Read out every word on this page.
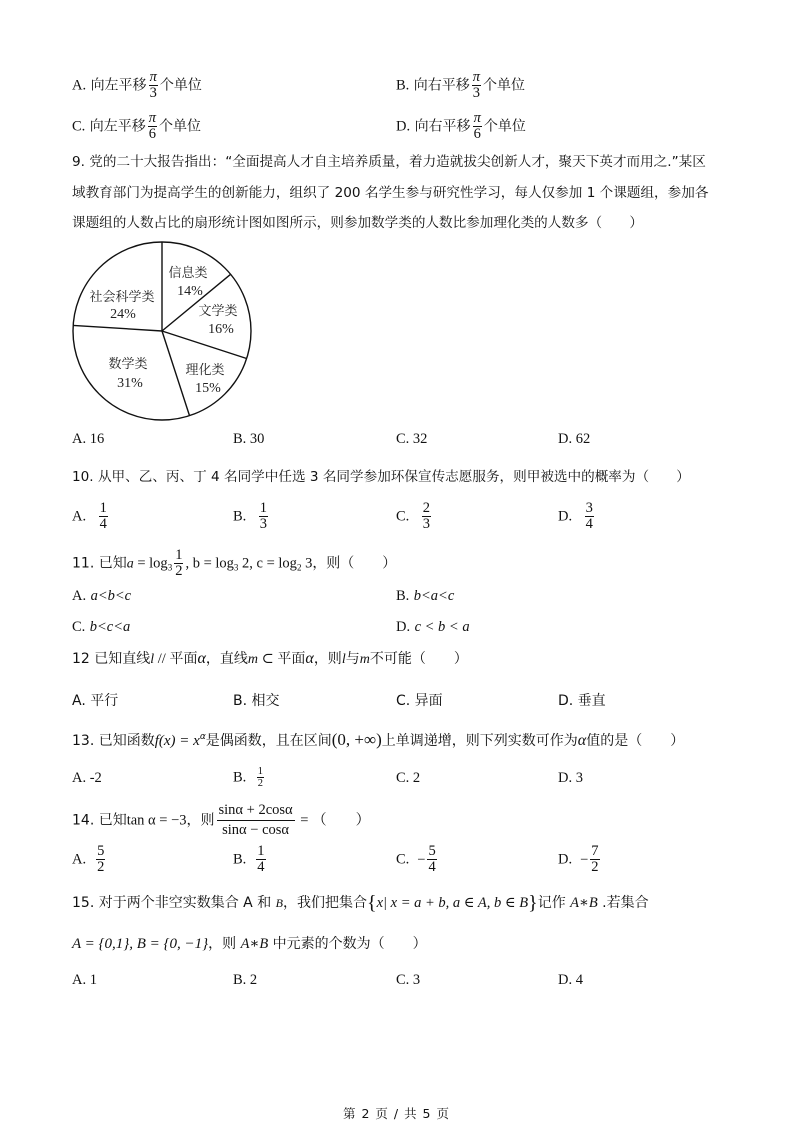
A. 向左平移 $\frac{\pi}{3}$ 个单位	B. 向右平移 $\frac{\pi}{3}$ 个单位
C. 向左平移 $\frac{\pi}{6}$ 个单位	D. 向右平移 $\frac{\pi}{6}$ 个单位
9. 党的二十大报告指出：“全面提高人才自主培养质量，着力造就拔尖创新人才，聚天下英才而用之.”某区
域教育部门为提高学生的创新能力，组织了 200 名学生参与研究性学习，每人仅参加 1 个课题组，参加各
课题组的人数占比的扇形统计图如图所示，则参加数学类的人数比参加理化类的人数多（　　）
信息类
14%
文学类
16%
理化类
15%
数学类
31%
社会科学类
24%
A. 16	B. 30	C. 32	D. 62
10. 从甲、乙、丙、丁 4 名同学中任选 3 名同学参加环保宣传志愿服务，则甲被选中的概率为（　　）
A. $\frac{1}{4}$	B. $\frac{1}{3}$	C. $\frac{2}{3}$	D. $\frac{3}{4}$
11. 已知$a = \log_3 \frac{1}{2}$ , $b = \log_3 2$, $c = \log_2 3$，则（　　）
A. a<b<c	B. b<a<c
C. b<c<a	D. c < b < a
12 已知直线l // 平面α，直线m ⊂ 平面α，则l与m不可能（　　）
A. 平行	B. 相交	C. 异面	D. 垂直
13. 已知函数$f(x) = x^\alpha$是偶函数，且在区间(0, +∞)上单调递增，则下列实数可作为α值的是（　　）
A. -2	B. $\frac{1}{2}$	C. 2	D. 3
14. 已知tan α = −3，则 $\frac{\sin\alpha + 2\cos\alpha}{\sin\alpha - \cos\alpha}$ = （　　）
A. $\frac{5}{2}$	B. $\frac{1}{4}$	C. − $\frac{5}{4}$	D. − $\frac{7}{2}$
15. 对于两个非空实数集合 A 和 B，我们把集合{x| x = a + b, a ∈ A, b ∈ B}记作 A∗B .若集合
A = {0,1}, B = {0, −1}，则 A∗B 中元素的个数为（　　）
A. 1	B. 2	C. 3	D. 4
第 2 页 / 共 5 页
